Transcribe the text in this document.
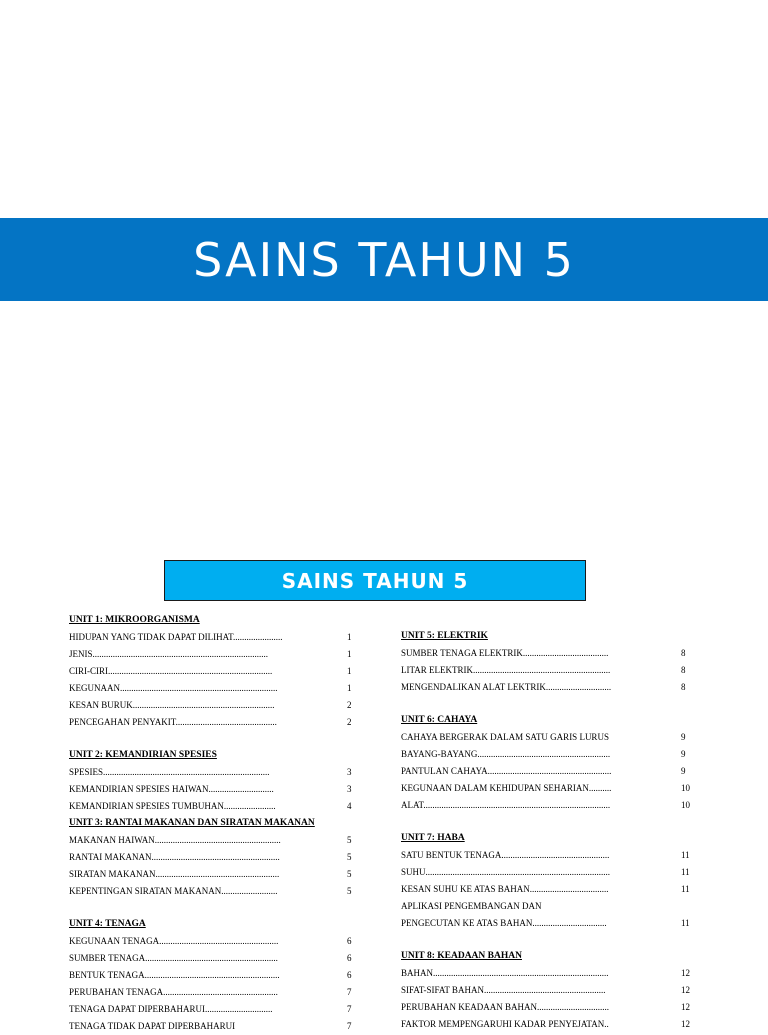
SAINS TAHUN 5
SAINS TAHUN 5
UNIT 1: MIKROORGANISMA
HIDUPAN YANG TIDAK DAPAT DILIHAT......................	1
JENIS..............................................................................	1
CIRI-CIRI.........................................................................	1
KEGUNAAN......................................................................	1
KESAN BURUK...............................................................	2
PENCEGAHAN PENYAKIT.............................................	2
UNIT 2: KEMANDIRIAN SPESIES
SPESIES..........................................................................	3
KEMANDIRIAN SPESIES HAIWAN.............................	3
KEMANDIRIAN SPESIES TUMBUHAN.......................	4
UNIT 3: RANTAI MAKANAN DAN SIRATAN MAKANAN
MAKANAN HAIWAN........................................................	5
RANTAI MAKANAN.........................................................	5
SIRATAN MAKANAN.......................................................	5
KEPENTINGAN SIRATAN MAKANAN.........................	5
UNIT 4: TENAGA
KEGUNAAN TENAGA.....................................................	6
SUMBER TENAGA...........................................................	6
BENTUK TENAGA............................................................	6
PERUBAHAN TENAGA...................................................	7
TENAGA DAPAT DIPERBAHARUI..............................	7
TENAGA TIDAK DAPAT DIPERBAHARUI	7
UNIT 5: ELEKTRIK
SUMBER TENAGA ELEKTRIK......................................	8
LITAR ELEKTRIK.............................................................	8
MENGENDALIKAN ALAT LEKTRIK.............................	8
UNIT 6: CAHAYA
CAHAYA BERGERAK DALAM SATU GARIS LURUS	9
BAYANG-BAYANG...........................................................	9
PANTULAN CAHAYA.......................................................	9
KEGUNAAN DALAM KEHIDUPAN SEHARIAN..........	10
ALAT...................................................................................	10
UNIT 7: HABA
SATU BENTUK TENAGA................................................	11
SUHU..................................................................................	11
KESAN SUHU KE ATAS BAHAN...................................	11
APLIKASI PENGEMBANGAN DAN
PENGECUTAN KE ATAS BAHAN.................................	11
UNIT 8: KEADAAN BAHAN
BAHAN..............................................................................	12
SIFAT-SIFAT BAHAN......................................................	12
PERUBAHAN KEADAAN BAHAN................................	12
FAKTOR MEMPENGARUHI KADAR PENYEJATAN..	12
